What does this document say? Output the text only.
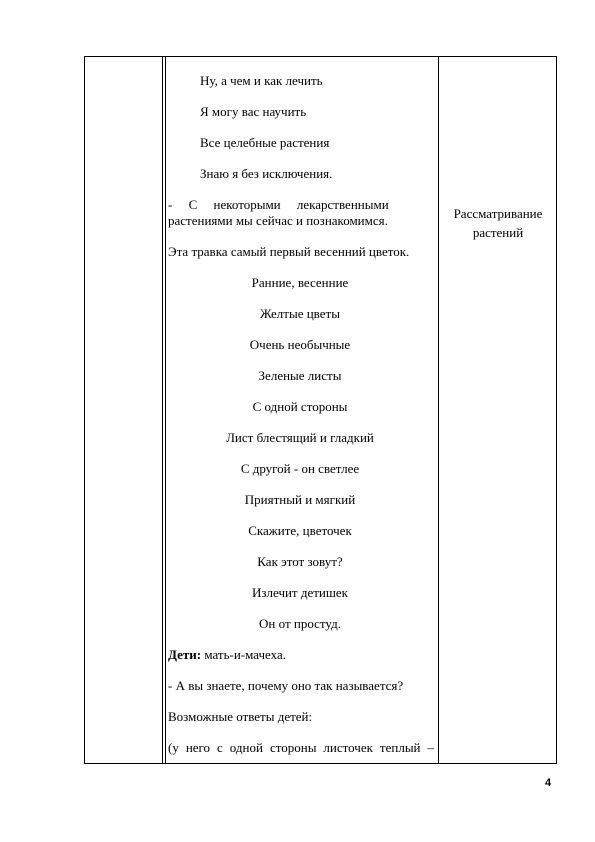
Ну, а чем и как лечить
Я могу вас научить
Все целебные растения
Знаю я без исключения.
-     С     некоторыми     лекарственными
растениями мы сейчас и познакомимся.
Эта травка самый первый весенний цветок.
Ранние, весенние
Желтые цветы
Очень необычные
Зеленые листы
С одной стороны
Лист блестящий и гладкий
С другой - он светлее
Приятный и мягкий
Скажите, цветочек
Как этот зовут?
Излечит детишек
Он от простуд.
Дети: мать-и-мачеха.
- А вы знаете, почему оно так называется?
Возможные ответы детей:
(у него с одной стороны листочек теплый –
Рассматривание
растений
4
